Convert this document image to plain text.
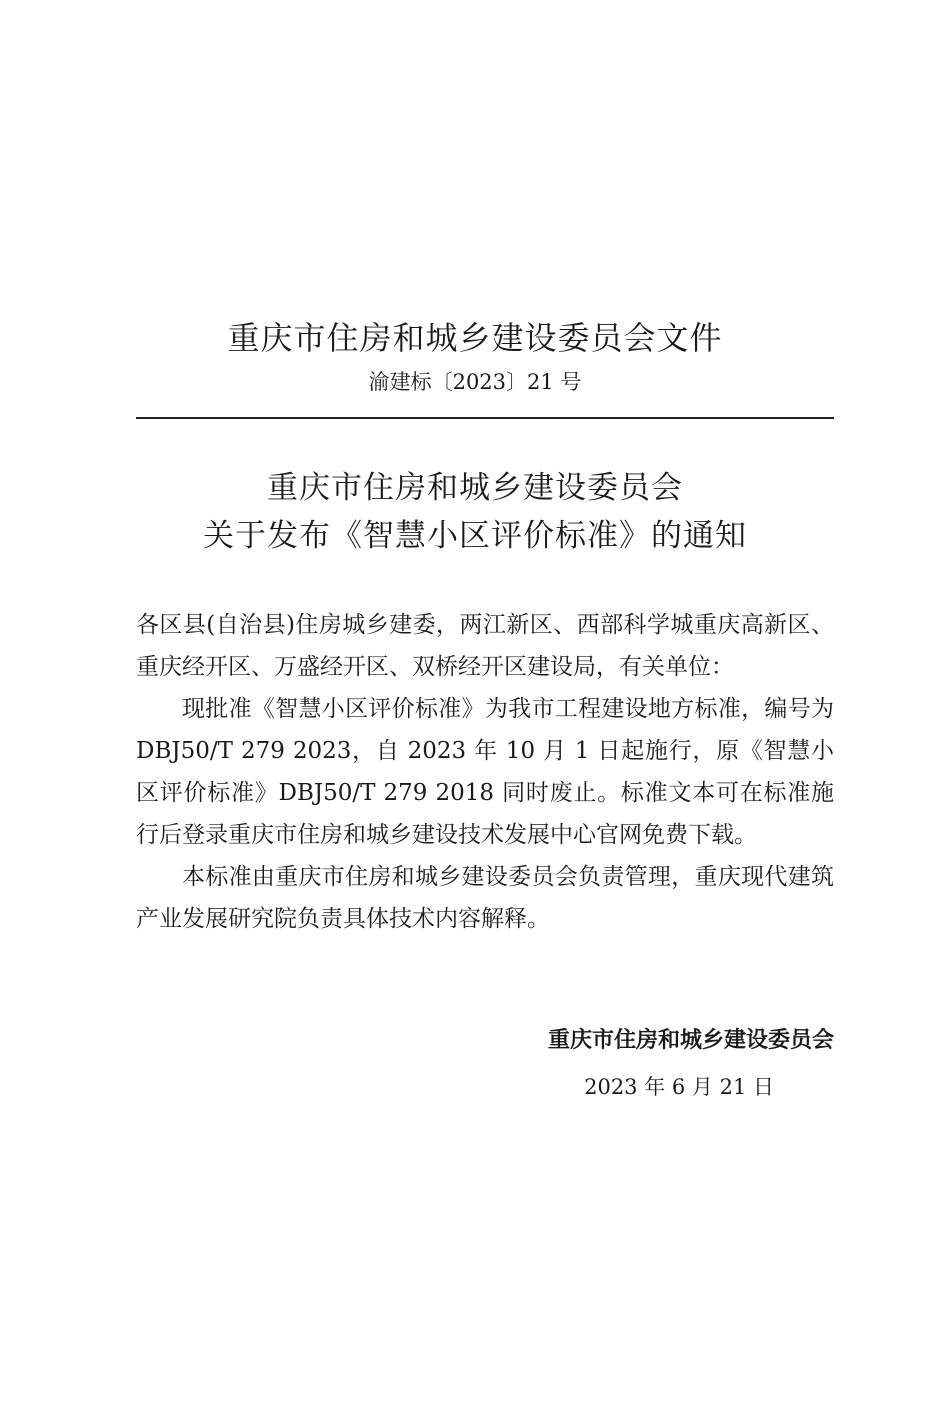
重庆市住房和城乡建设委员会文件
渝建标〔2023〕21 号
重庆市住房和城乡建设委员会
关于发布《智慧小区评价标准》的通知

各区县(自治县)住房城乡建委，两江新区、西部科学城重庆高新区、重庆经开区、万盛经开区、双桥经开区建设局，有关单位：

现批准《智慧小区评价标准》为我市工程建设地方标准，编号为 DBJ50/T 279 2023，自 2023 年 10 月 1 日起施行，原《智慧小区评价标准》DBJ50/T 279 2018 同时废止。标准文本可在标准施行后登录重庆市住房和城乡建设技术发展中心官网免费下载。

本标准由重庆市住房和城乡建设委员会负责管理，重庆现代建筑产业发展研究院负责具体技术内容解释。

重庆市住房和城乡建设委员会
2023 年 6 月 21 日
